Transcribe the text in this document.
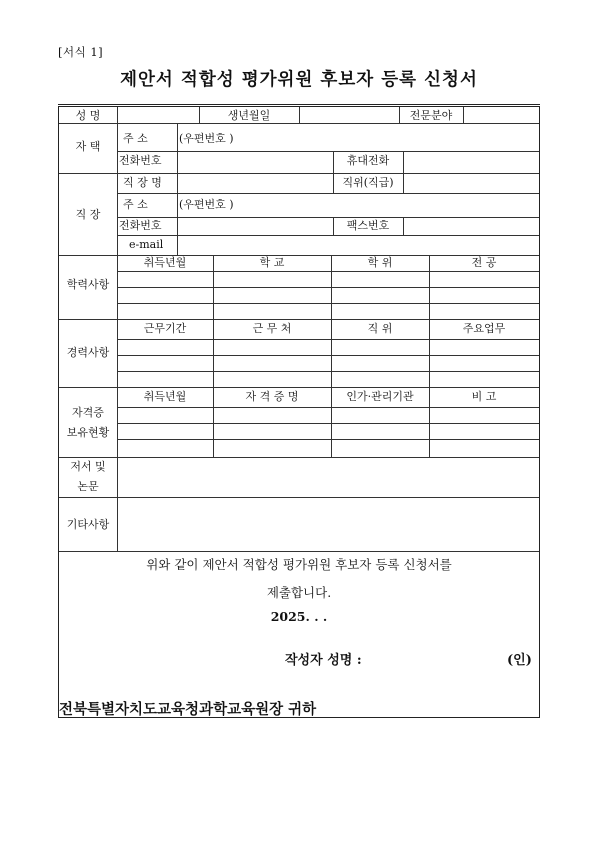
[서식 1]
제안서 적합성 평가위원 후보자 등록 신청서
성 명	생년월일	전문분야
자 택
주 소	(우편번호 )
전화번호	휴대전화
직 장
직 장 명	직위(직급)
주 소	(우편번호 )
전화번호	팩스번호
e-mail
학력사항
취득년월	학 교	학 위	전 공
경력사항
근무기간	근 무 처	직 위	주요업무
자격증
보유현황
취득년월	자 격 증 명	인가·관리기관	비 고
저서 및
논문
기타사항
위와 같이 제안서 적합성 평가위원 후보자 등록 신청서를
제출합니다.
2025. . .
작성자 성명 :	(인)
전북특별자치도교육청과학교육원장 귀하
